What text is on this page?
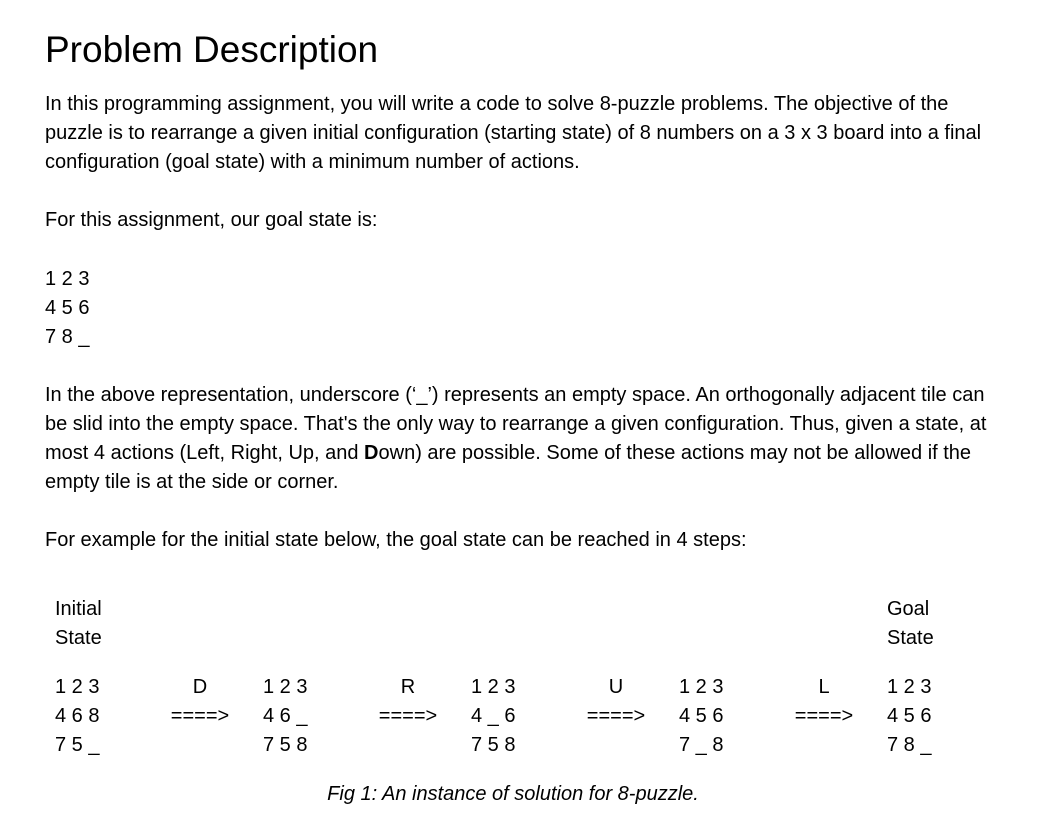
Problem Description

In this programming assignment, you will write a code to solve 8-puzzle problems. The objective of the puzzle is to rearrange a given initial configuration (starting state) of 8 numbers on a 3 x 3 board into a final configuration (goal state) with a minimum number of actions.

For this assignment, our goal state is:

1 2 3
4 5 6
7 8 _

In the above representation, underscore (‘_’) represents an empty space. An orthogonally adjacent tile can be slid into the empty space. That's the only way to rearrange a given configuration. Thus, given a state, at most 4 actions (Left, Right, Up, and Down) are possible. Some of these actions may not be allowed if the empty tile is at the side or corner.

For example for the initial state below, the goal state can be reached in 4 steps:

Initial
State
Goal
State
1 2 3
4 6 8
7 5 _
D
====>
1 2 3
4 6 _
7 5 8
R
====>
1 2 3
4 _ 6
7 5 8
U
====>
1 2 3
4 5 6
7 _ 8
L
====>
1 2 3
4 5 6
7 8 _
Fig 1: An instance of solution for 8-puzzle.
